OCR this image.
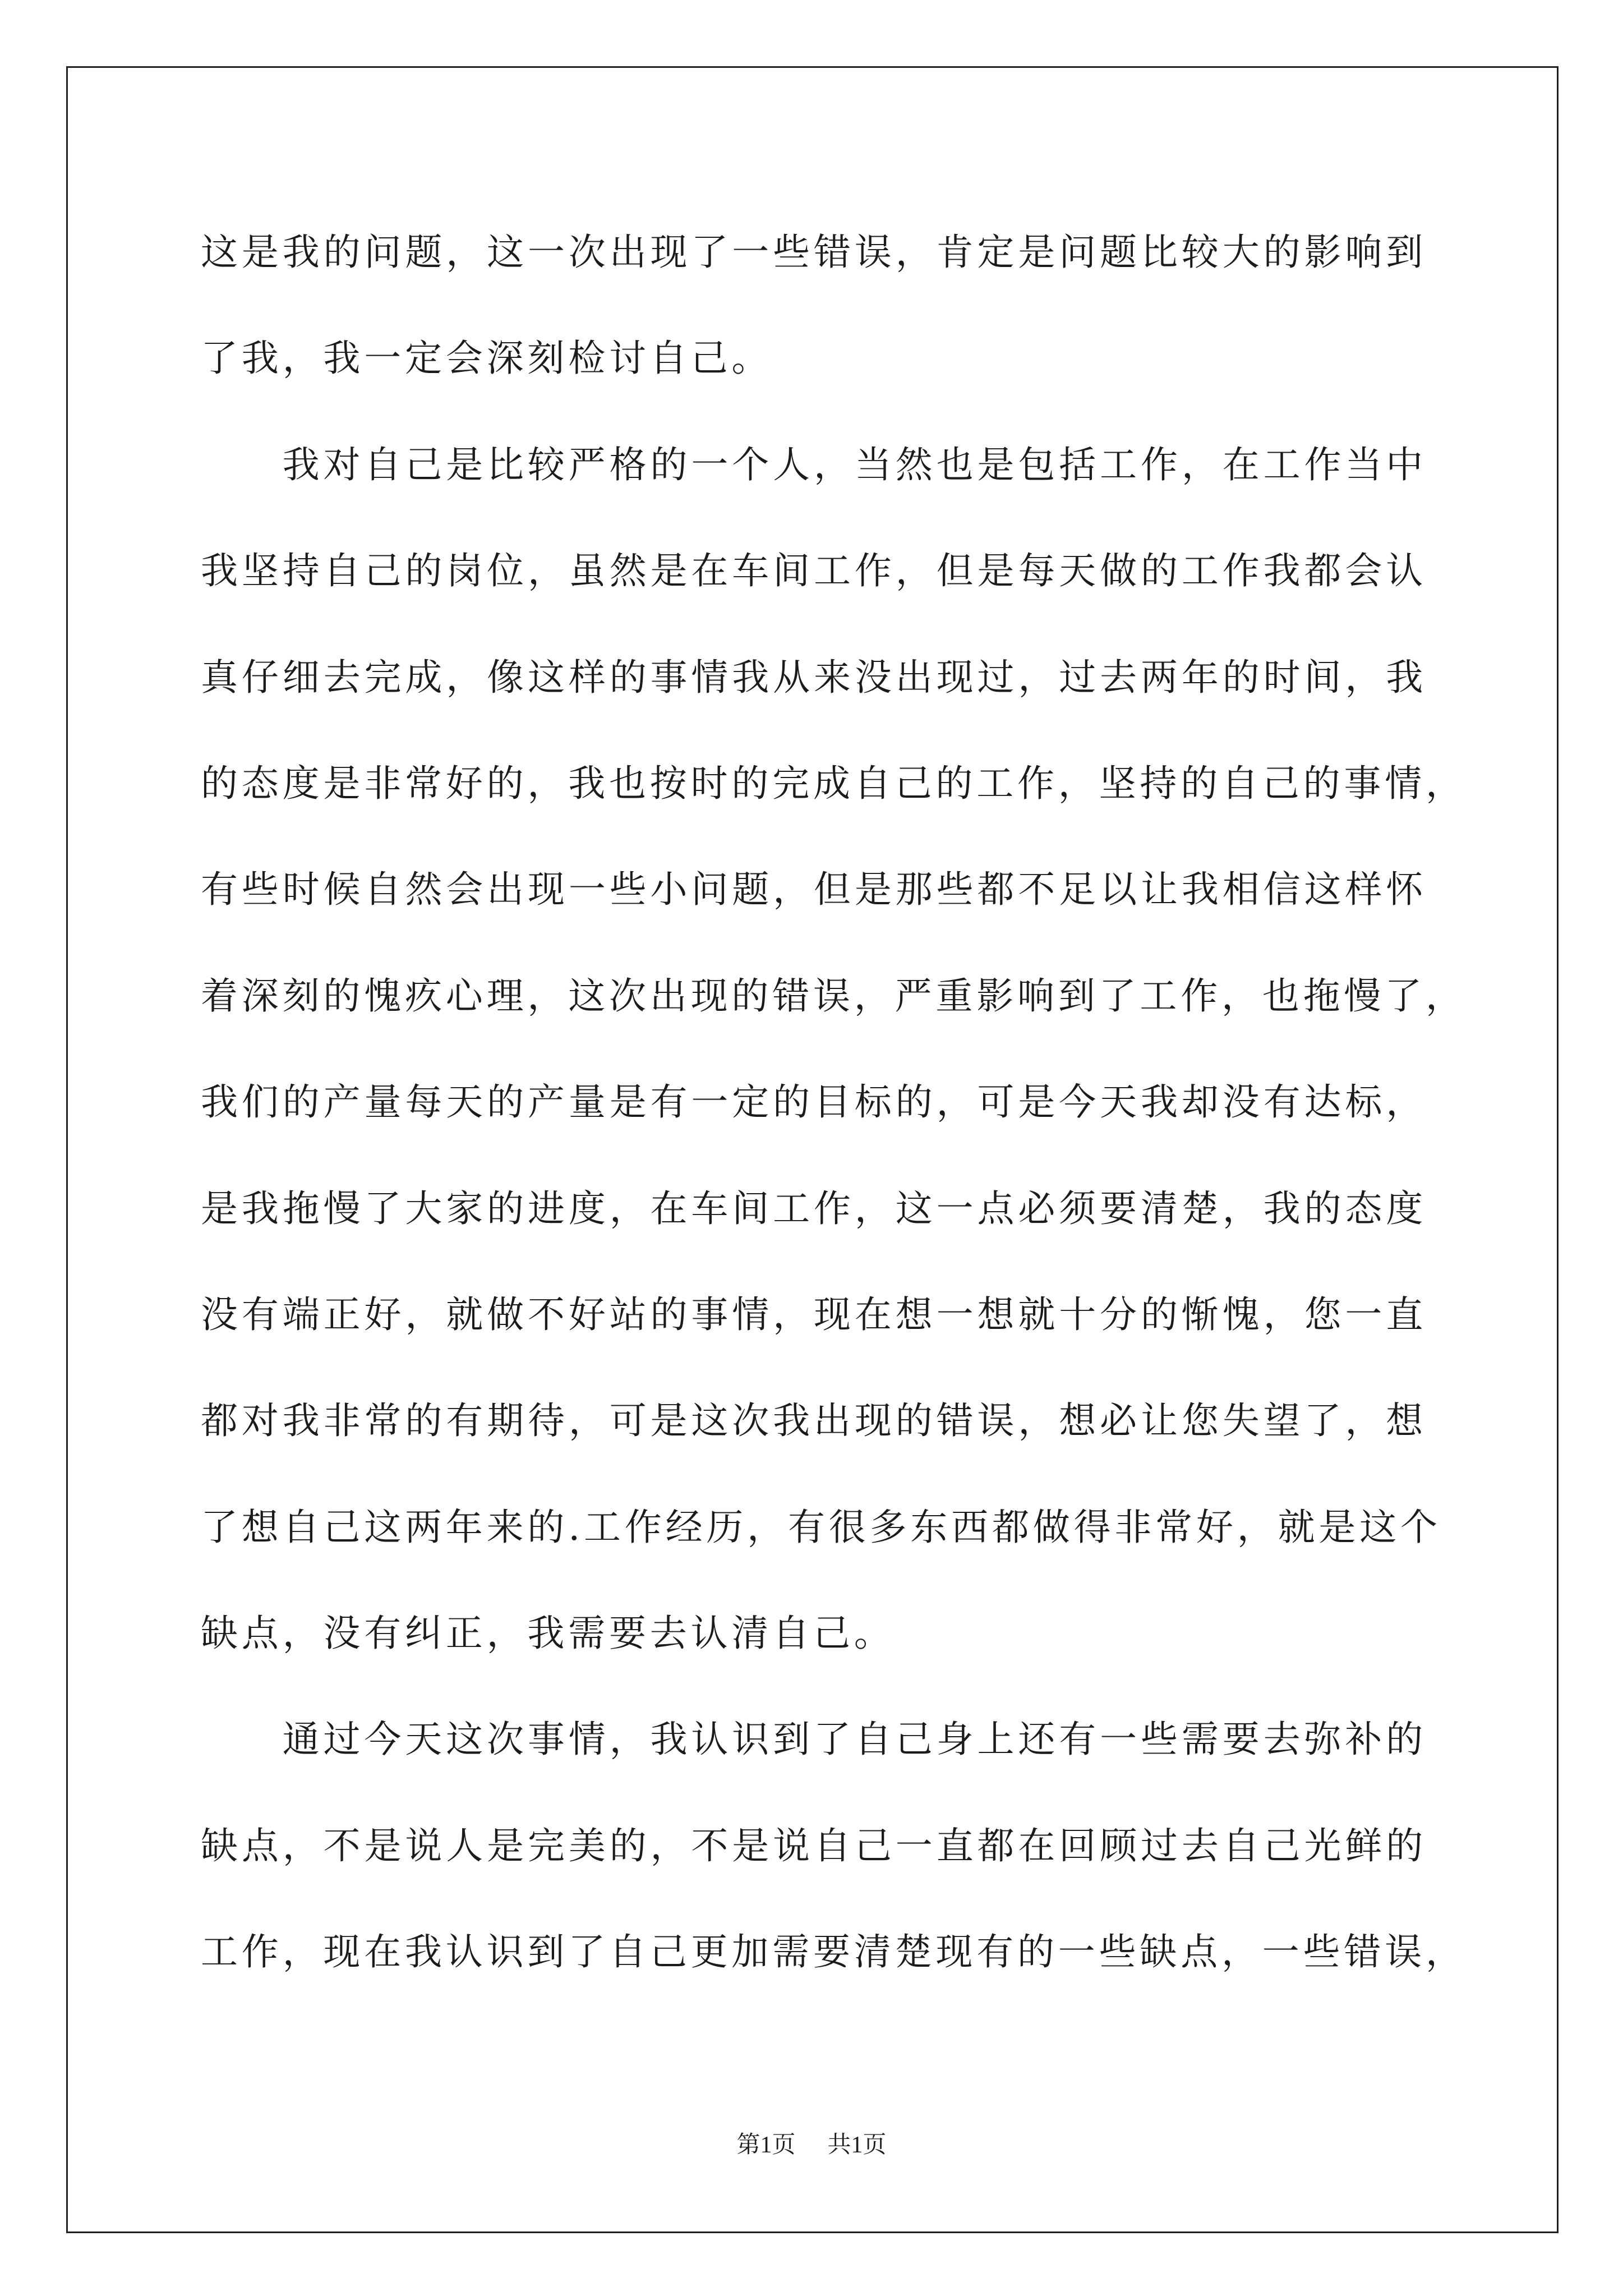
这是我的问题，这一次出现了一些错误，肯定是问题比较大的影响到
了我，我一定会深刻检讨自己。
我对自己是比较严格的一个人，当然也是包括工作，在工作当中
我坚持自己的岗位，虽然是在车间工作，但是每天做的工作我都会认
真仔细去完成，像这样的事情我从来没出现过，过去两年的时间，我
的态度是非常好的，我也按时的完成自己的工作，坚持的自己的事情，
有些时候自然会出现一些小问题，但是那些都不足以让我相信这样怀
着深刻的愧疚心理，这次出现的错误，严重影响到了工作，也拖慢了，
我们的产量每天的产量是有一定的目标的，可是今天我却没有达标，
是我拖慢了大家的进度，在车间工作，这一点必须要清楚，我的态度
没有端正好，就做不好站的事情，现在想一想就十分的惭愧，您一直
都对我非常的有期待，可是这次我出现的错误，想必让您失望了，想
了想自己这两年来的.工作经历，有很多东西都做得非常好，就是这个
缺点，没有纠正，我需要去认清自己。
通过今天这次事情，我认识到了自己身上还有一些需要去弥补的
缺点，不是说人是完美的，不是说自己一直都在回顾过去自己光鲜的
工作，现在我认识到了自己更加需要清楚现有的一些缺点，一些错误，
第1页 共1页
